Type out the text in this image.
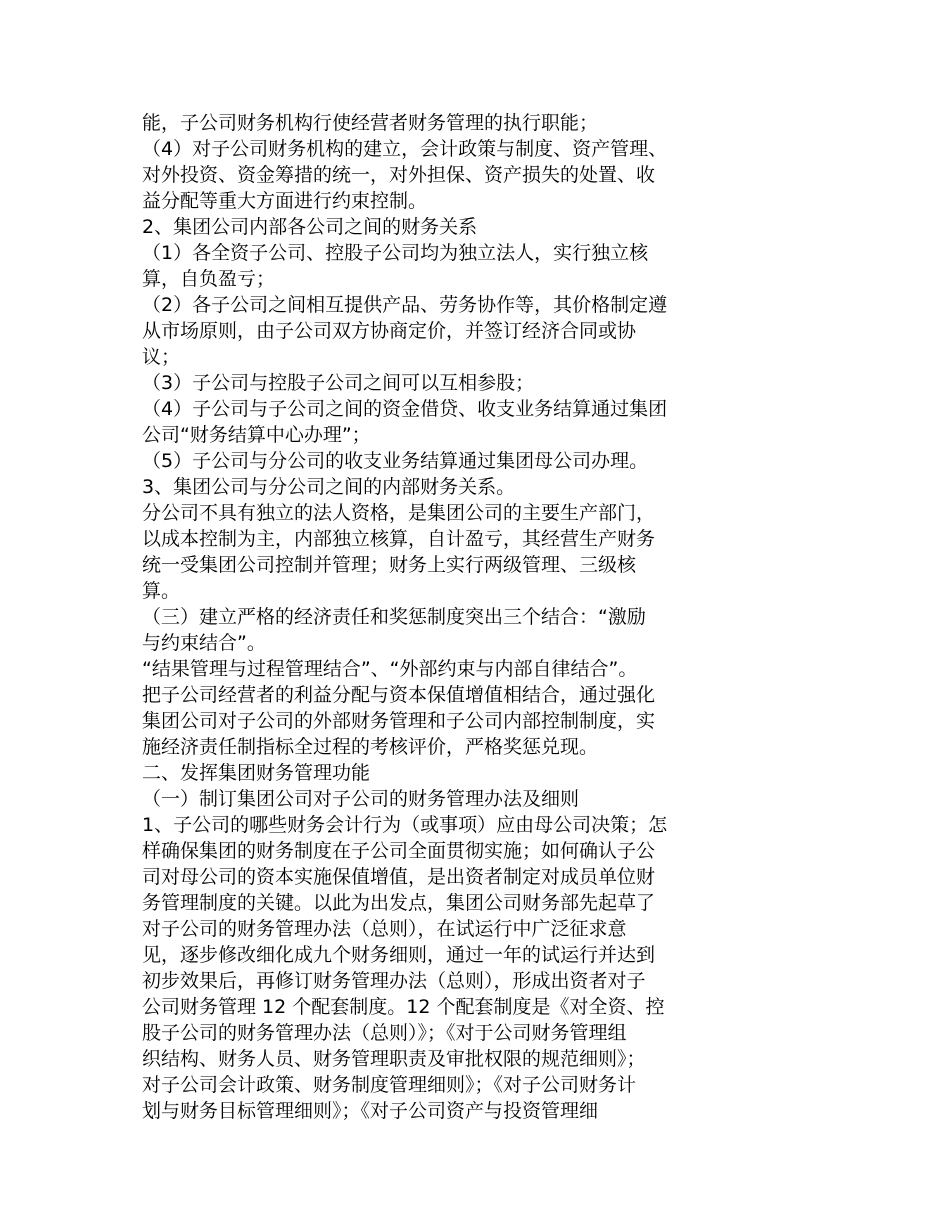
能，子公司财务机构行使经营者财务管理的执行职能；
（4）对子公司财务机构的建立，会计政策与制度、资产管理、
对外投资、资金筹措的统一，对外担保、资产损失的处置、收
益分配等重大方面进行约束控制。
2、集团公司内部各公司之间的财务关系
（1）各全资子公司、控股子公司均为独立法人，实行独立核
算，自负盈亏；
（2）各子公司之间相互提供产品、劳务协作等，其价格制定遵
从市场原则，由子公司双方协商定价，并签订经济合同或协
议；
（3）子公司与控股子公司之间可以互相参股；
（4）子公司与子公司之间的资金借贷、收支业务结算通过集团
公司“财务结算中心办理”；
（5）子公司与分公司的收支业务结算通过集团母公司办理。
3、集团公司与分公司之间的内部财务关系。
分公司不具有独立的法人资格，是集团公司的主要生产部门，
以成本控制为主，内部独立核算，自计盈亏，其经营生产财务
统一受集团公司控制并管理；财务上实行两级管理、三级核
算。
（三）建立严格的经济责任和奖惩制度突出三个结合：“激励
与约束结合”。
“结果管理与过程管理结合”、“外部约束与内部自律结合”。
把子公司经营者的利益分配与资本保值增值相结合，通过强化
集团公司对子公司的外部财务管理和子公司内部控制制度，实
施经济责任制指标全过程的考核评价，严格奖惩兑现。
二、发挥集团财务管理功能
（一）制订集团公司对子公司的财务管理办法及细则
1、子公司的哪些财务会计行为（或事项）应由母公司决策；怎
样确保集团的财务制度在子公司全面贯彻实施；如何确认子公
司对母公司的资本实施保值增值，是出资者制定对成员单位财
务管理制度的关键。以此为出发点，集团公司财务部先起草了
对子公司的财务管理办法（总则），在试运行中广泛征求意
见，逐步修改细化成九个财务细则，通过一年的试运行并达到
初步效果后，再修订财务管理办法（总则），形成出资者对子
公司财务管理 12 个配套制度。12 个配套制度是《对全资、控
股子公司的财务管理办法（总则）》；《对于公司财务管理组
织结构、财务人员、财务管理职责及审批权限的规范细则》；
对子公司会计政策、财务制度管理细则》；《对子公司财务计
划与财务目标管理细则》；《对子公司资产与投资管理细
